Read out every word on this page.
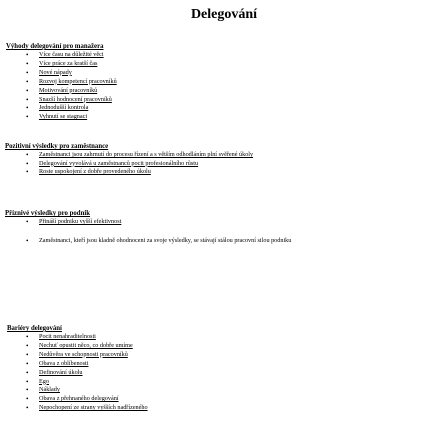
Delegování
Výhody delegování pro manažera
• Více času na důležité věci
• Více práce za kratší čas
• Nové nápady
• Rozvoj kompetencí pracovníků
• Motivování pracovníků
• Snazší hodnocení pracovníků
• Jednodušší kontrola
• Vyhnutí se stagnaci
Pozitivní výsledky pro zaměstnance
• Zaměstnanci jsou zahrnutí do procesu řízení a s větším odhodláním plní svěřené úkoly
• Delegování vyvolává u zaměstnanců pocit profesionálního růstu
• Roste uspokojení z dobře provedeného úkolu
Příznivé výsledky pro podnik
• Přináší podniku vyšší efektivnost
• Zaměstnanci, kteří jsou kladně ohodnoceni za svoje výsledky, se stávají stálou pracovní silou podniku
Bariéry delegování
• Pocit nenahraditelnosti
• Nechuť opustit něco, co dobře umíme
• Nedůvěra ve schopnosti pracovníků
• Obava z oblíbenosti
• Definování úkolu
• Ego
• Náklady
• Obava z přehnaného delegování
• Nepochopení ze strany vyšších nadřízeného
